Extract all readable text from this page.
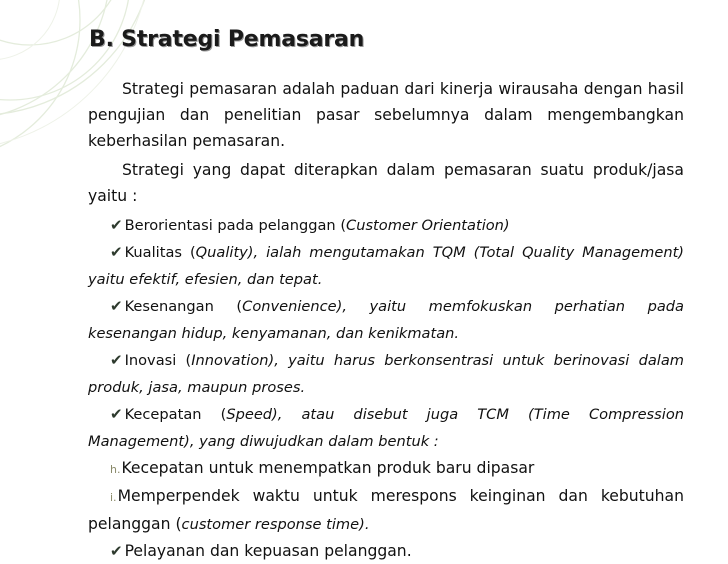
B. Strategi Pemasaran

Strategi pemasaran adalah paduan dari kinerja wirausaha dengan hasil pengujian dan penelitian pasar sebelumnya dalam mengembangkan keberhasilan pemasaran.

Strategi yang dapat diterapkan dalam pemasaran suatu produk/jasa yaitu :

✔ Berorientasi pada pelanggan (Customer Orientation)

✔ Kualitas (Quality), ialah mengutamakan TQM (Total Quality Management) yaitu efektif, efesien, dan tepat.

✔ Kesenangan (Convenience), yaitu memfokuskan perhatian pada kesenangan hidup, kenyamanan, dan kenikmatan.

✔ Inovasi (Innovation), yaitu harus berkonsentrasi untuk berinovasi dalam produk, jasa, maupun proses.

✔ Kecepatan (Speed), atau disebut juga TCM (Time Compression Management), yang diwujudkan dalam bentuk :

h.Kecepatan untuk menempatkan produk baru dipasar

i.Memperpendek waktu untuk merespons keinginan dan kebutuhan pelanggan (customer response time).

✔ Pelayanan dan kepuasan pelanggan.
